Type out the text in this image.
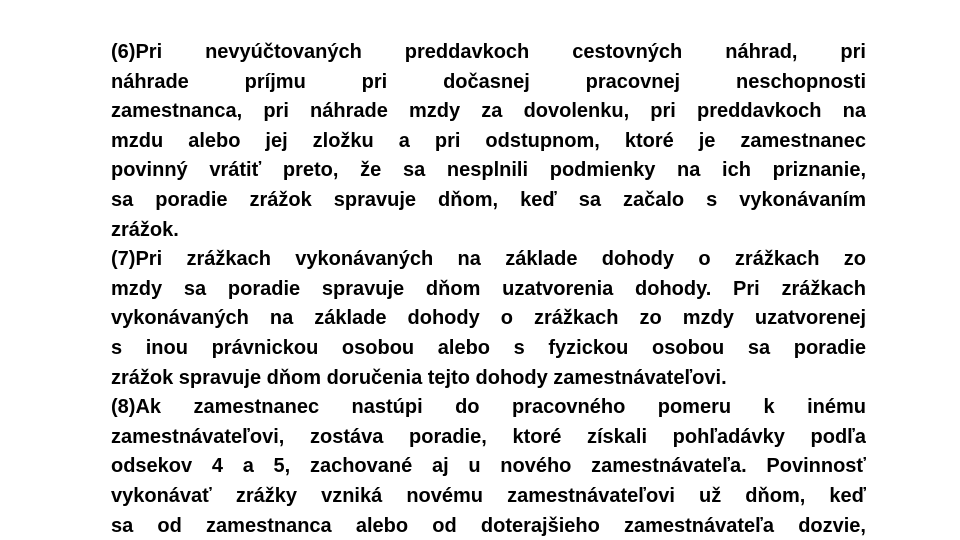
(6)Pri nevyúčtovaných preddavkoch cestovných náhrad, pri
náhrade príjmu pri dočasnej pracovnej neschopnosti
zamestnanca, pri náhrade mzdy za dovolenku, pri preddavkoch na
mzdu alebo jej zložku a pri odstupnom, ktoré je zamestnanec
povinný vrátiť preto, že sa nesplnili podmienky na ich priznanie,
sa poradie zrážok spravuje dňom, keď sa začalo s vykonávaním
zrážok.
(7)Pri zrážkach vykonávaných na základe dohody o zrážkach zo
mzdy sa poradie spravuje dňom uzatvorenia dohody. Pri zrážkach
vykonávaných na základe dohody o zrážkach zo mzdy uzatvorenej
s inou právnickou osobou alebo s fyzickou osobou sa poradie
zrážok spravuje dňom doručenia tejto dohody zamestnávateľovi.
(8)Ak zamestnanec nastúpi do pracovného pomeru k inému
zamestnávateľovi, zostáva poradie, ktoré získali pohľadávky podľa
odsekov 4 a 5, zachované aj u nového zamestnávateľa. Povinnosť
vykonávať zrážky vzniká novému zamestnávateľovi už dňom, keď
sa od zamestnanca alebo od doterajšieho zamestnávateľa dozvie,
